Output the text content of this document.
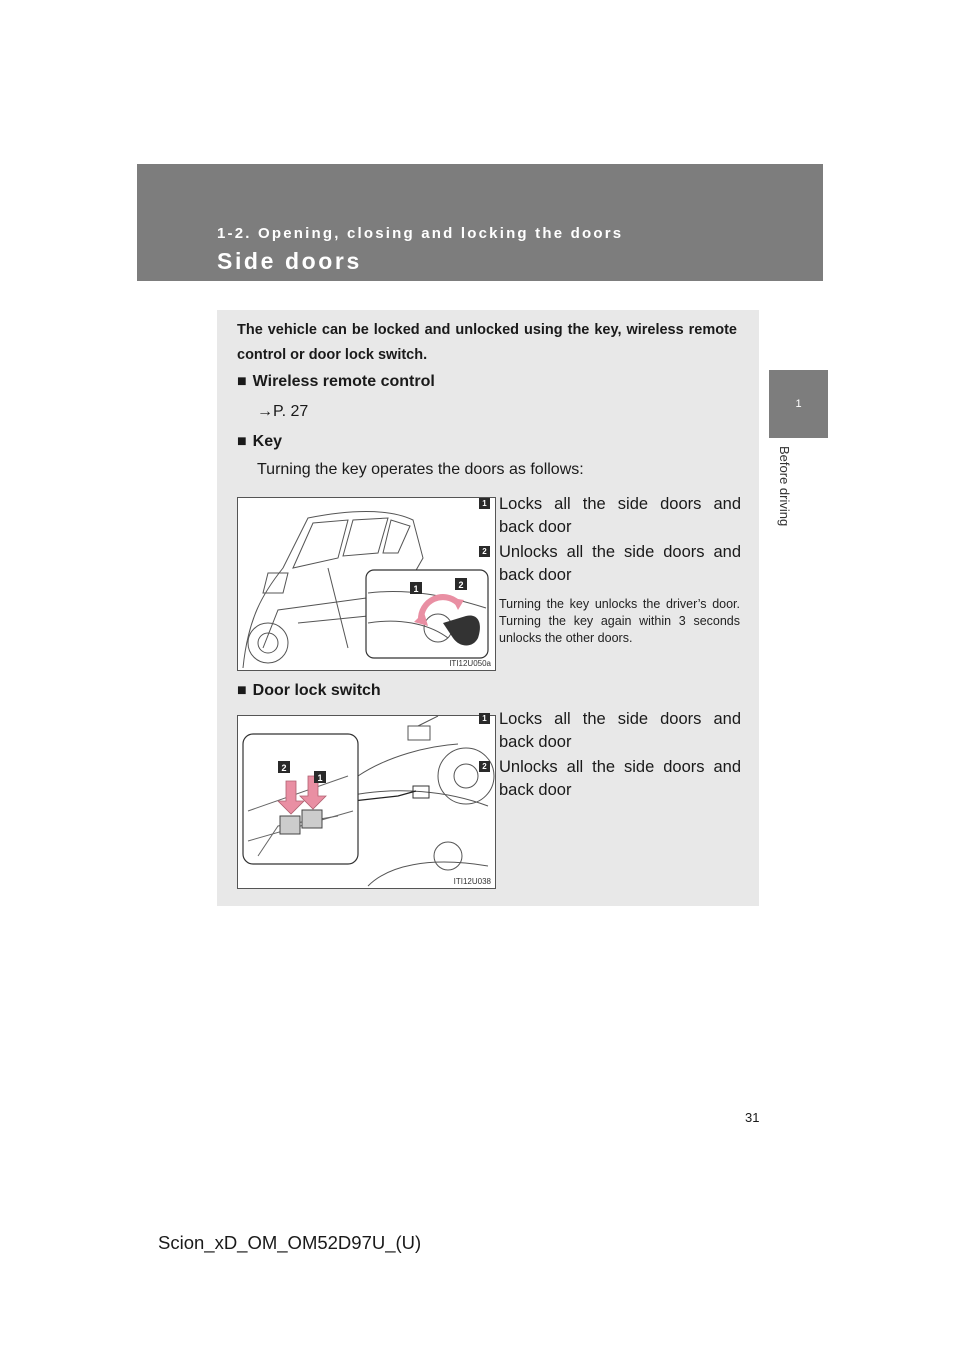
1-2. Opening, closing and locking the doors
Side doors
1
Before driving
The vehicle can be locked and unlocked using the key, wireless remote control or door lock switch.
■ Wireless remote control
→P. 27
■ Key
Turning the key operates the doors as follows:
1	2
ITI12U050a
1 Locks all the side doors and back door
2 Unlocks all the side doors and back door
Turning the key unlocks the driver’s door. Turning the key again within 3 seconds unlocks the other doors.
■ Door lock switch
2
1
ITI12U038
1 Locks all the side doors and back door
2 Unlocks all the side doors and back door
31
Scion_xD_OM_OM52D97U_(U)
